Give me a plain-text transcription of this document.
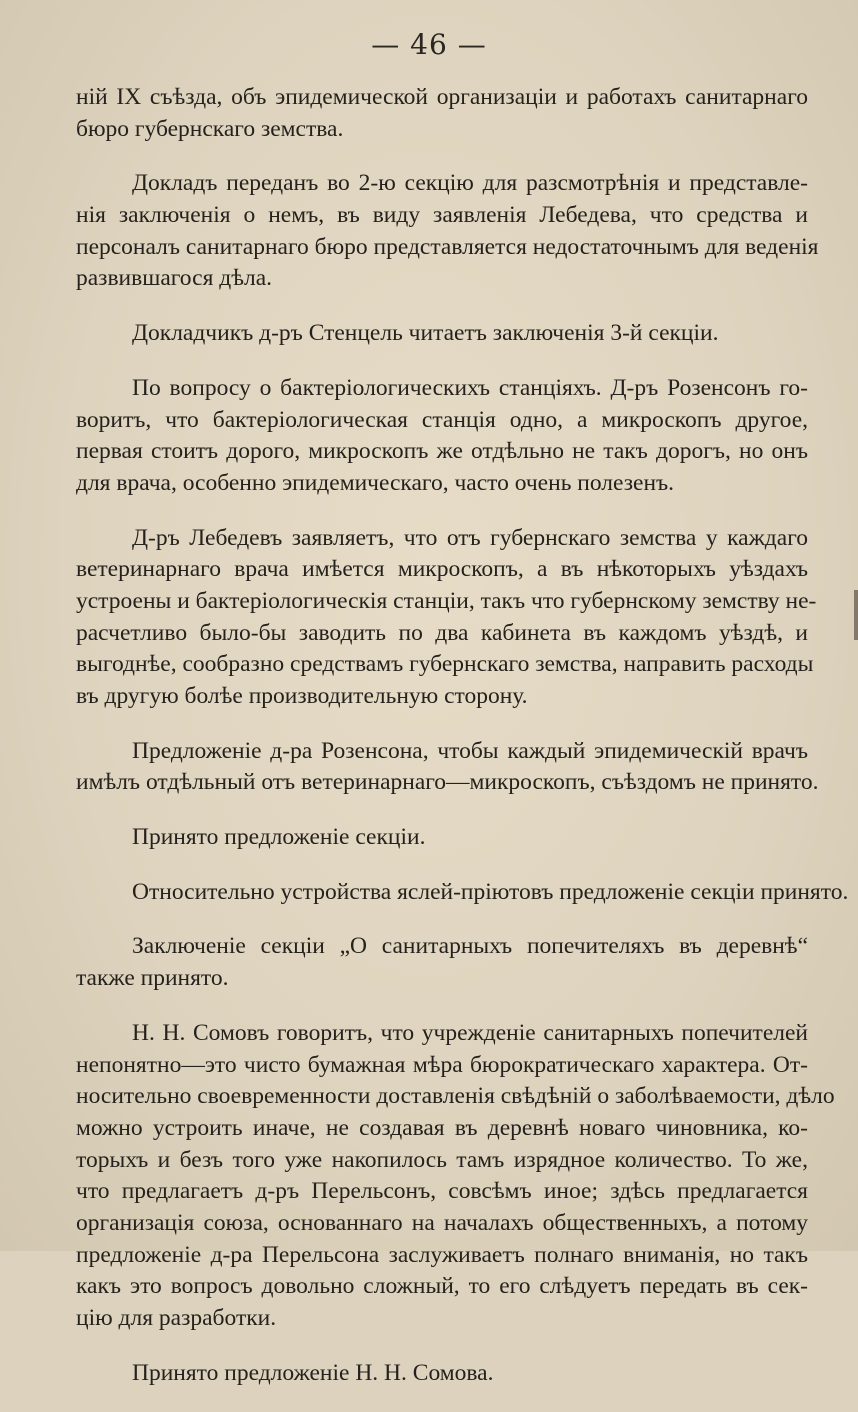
— 46 —
ній IX съѣзда, объ эпидемической организаціи и работахъ санитарнаго
бюро губернскаго земства.
Докладъ переданъ во 2-ю секцію для разсмотрѣнія и представле-
нія заключенія о немъ, въ виду заявленія Лебедева, что средства и
персоналъ санитарнаго бюро представляется недостаточнымъ для веденія
развившагося дѣла.
Докладчикъ д-ръ Стенцель читаетъ заключенія 3-й секціи.
По вопросу о бактеріологическихъ станціяхъ. Д-ръ Розенсонъ го-
воритъ, что бактеріологическая станція одно, а микроскопъ другое,
первая стоитъ дорого, микроскопъ же отдѣльно не такъ дорогъ, но онъ
для врача, особенно эпидемическаго, часто очень полезенъ.
Д-ръ Лебедевъ заявляетъ, что отъ губернскаго земства у каждаго
ветеринарнаго врача имѣется микроскопъ, а въ нѣкоторыхъ уѣздахъ
устроены и бактеріологическія станціи, такъ что губернскому земству не-
расчетливо было-бы заводить по два кабинета въ каждомъ уѣздѣ, и
выгоднѣе, сообразно средствамъ губернскаго земства, направить расходы
въ другую болѣе производительную сторону.
Предложеніе д-ра Розенсона, чтобы каждый эпидемическій врачъ
имѣлъ отдѣльный отъ ветеринарнаго—микроскопъ, съѣздомъ не принято.
Принято предложеніе секціи.
Относительно устройства яслей-пріютовъ предложеніе секціи принято.
Заключеніе секціи „О санитарныхъ попечителяхъ въ деревнѣ“
также принято.
Н. Н. Сомовъ говоритъ, что учрежденіе санитарныхъ попечителей
непонятно—это чисто бумажная мѣра бюрократическаго характера. От-
носительно своевременности доставленія свѣдѣній о заболѣваемости, дѣло
можно устроить иначе, не создавая въ деревнѣ новаго чиновника, ко-
торыхъ и безъ того уже накопилось тамъ изрядное количество. То же,
что предлагаетъ д-ръ Перельсонъ, совсѣмъ иное; здѣсь предлагается
организація союза, основаннаго на началахъ общественныхъ, а потому
предложеніе д-ра Перельсона заслуживаетъ полнаго вниманія, но такъ
какъ это вопросъ довольно сложный, то его слѣдуетъ передать въ сек-
цію для разработки.
Принято предложеніе Н. Н. Сомова.
